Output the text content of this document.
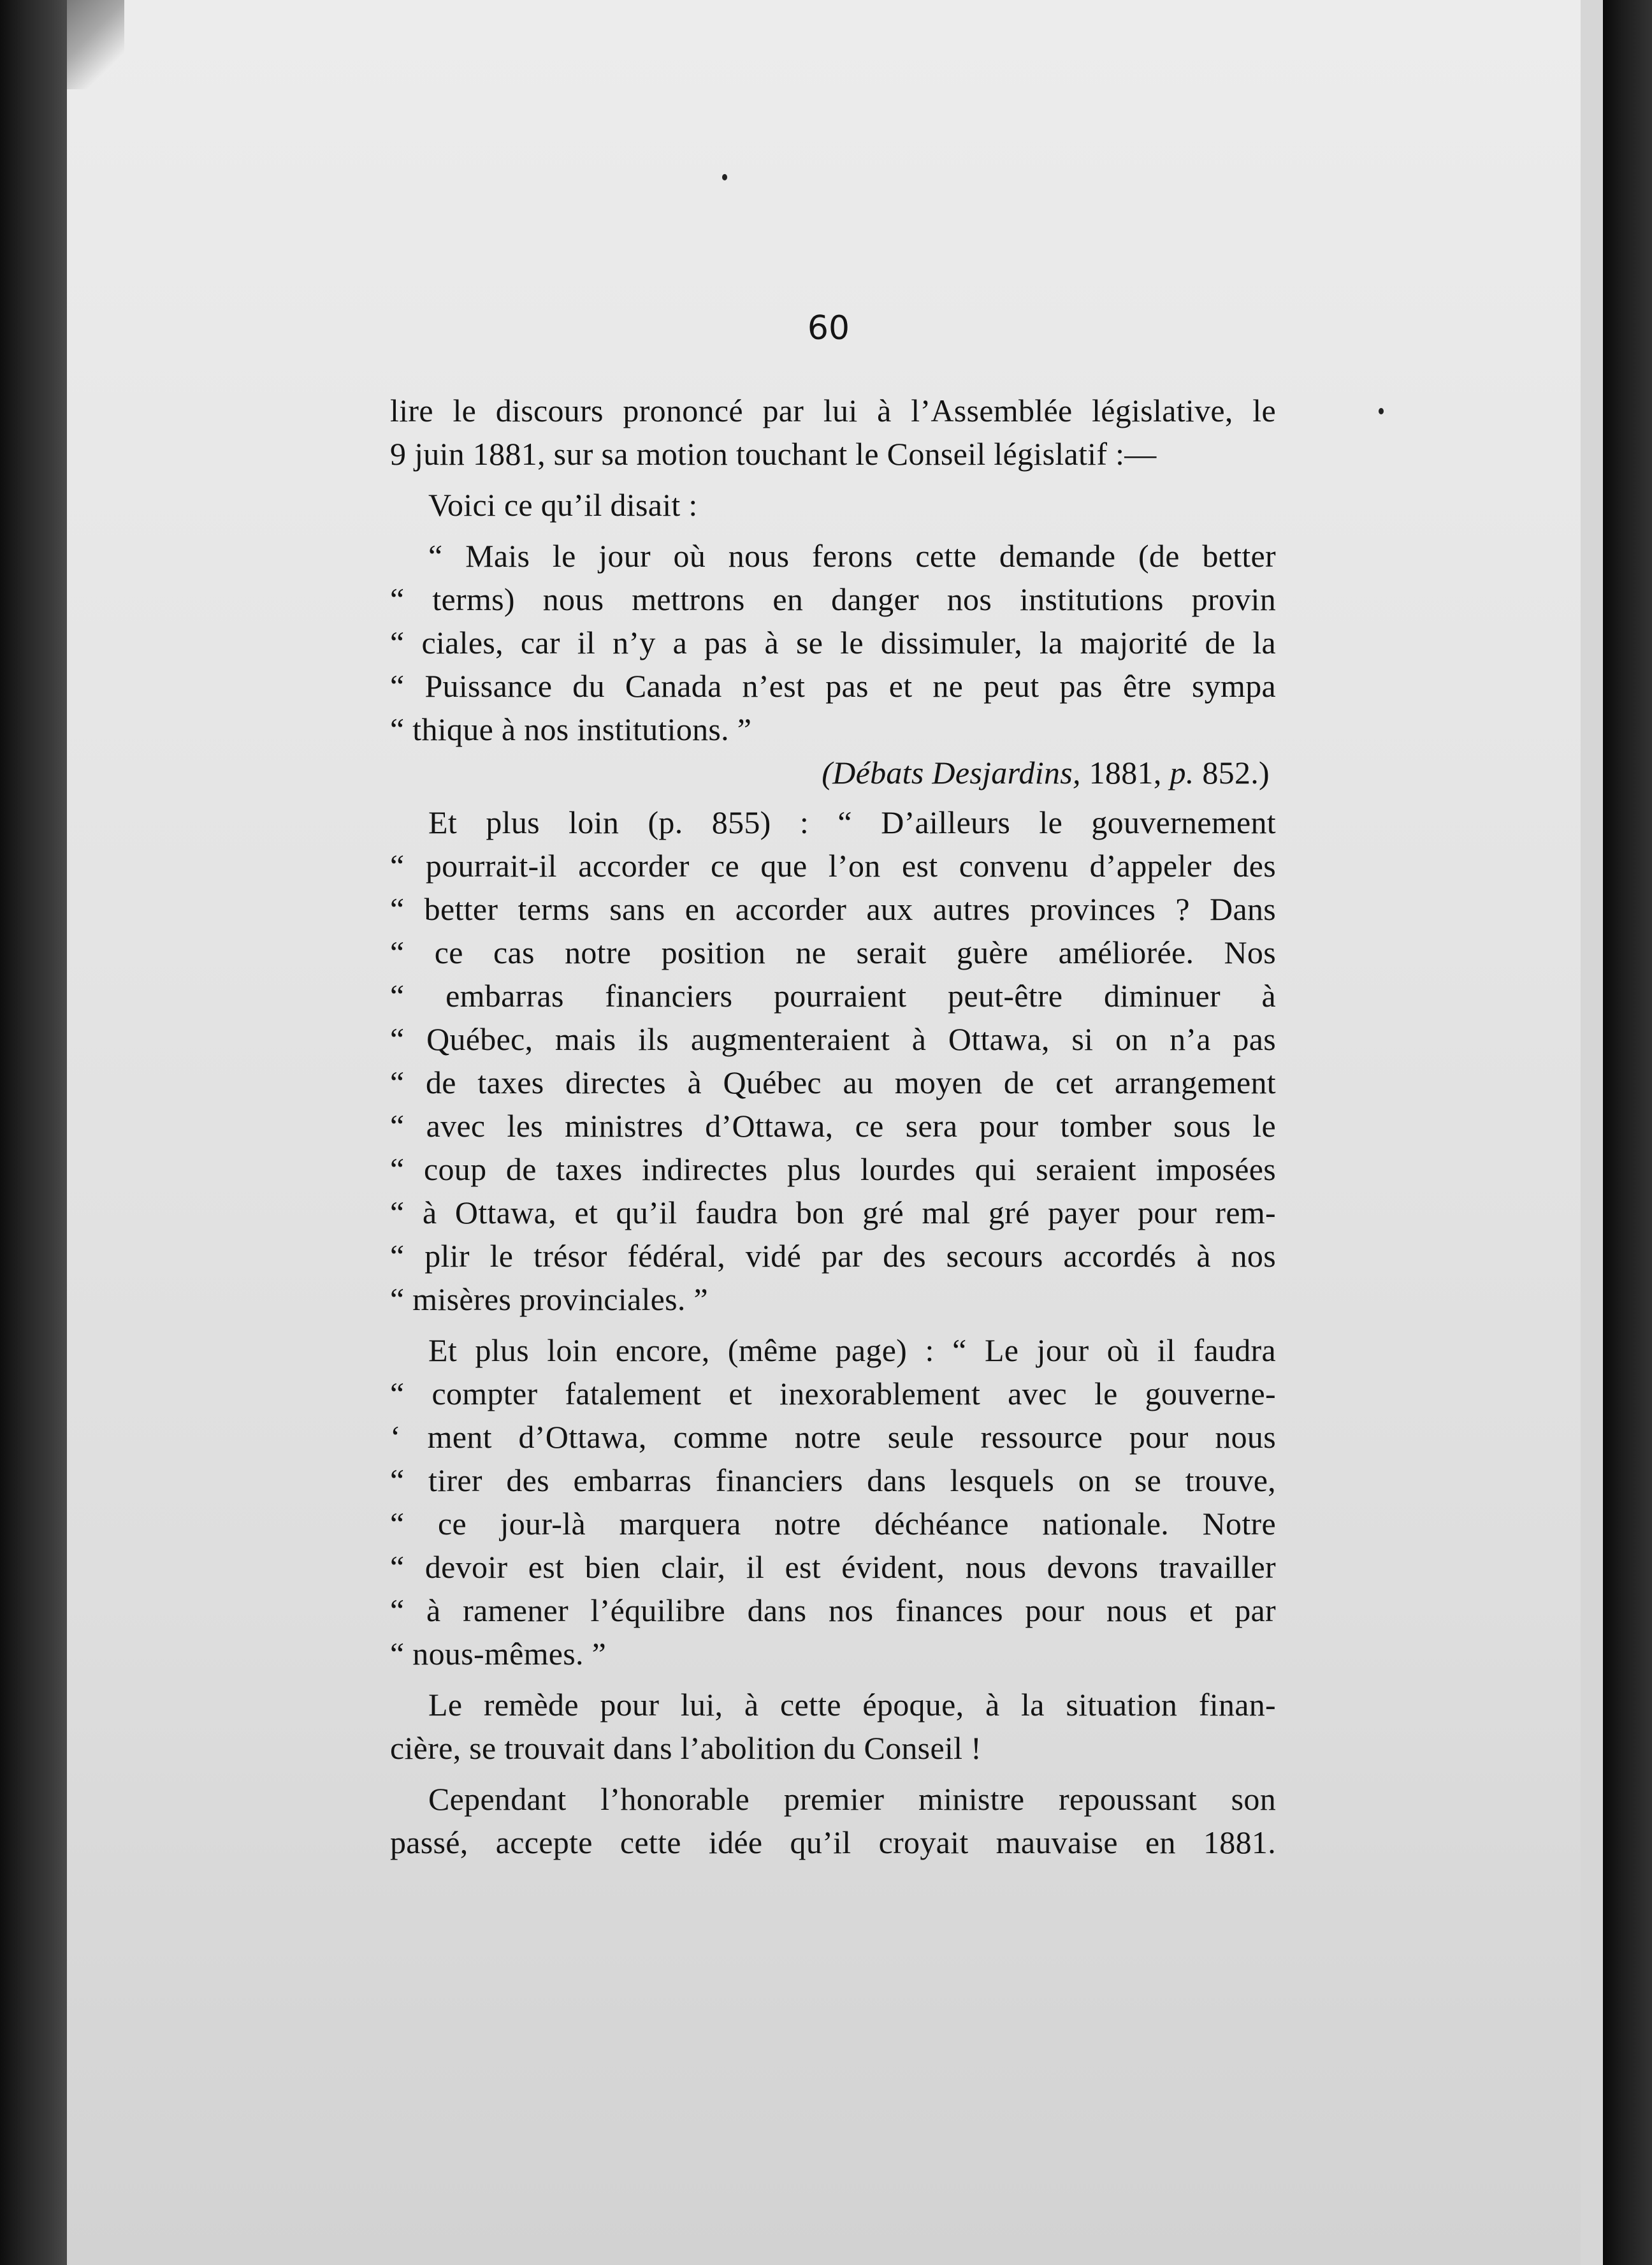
60

lire le discours prononcé par lui à l’Assemblée législative, le
9 juin 1881, sur sa motion touchant le Conseil législatif :—

Voici ce qu’il disait :

“ Mais le jour où nous ferons cette demande (de better
“ terms) nous mettrons en danger nos institutions provin
“ ciales, car il n’y a pas à se le dissimuler, la majorité de la
“ Puissance du Canada n’est pas et ne peut pas être sympa
“ thique à nos institutions. ”

(Débats Desjardins, 1881, p. 852.)

Et plus loin (p. 855) : “ D’ailleurs le gouvernement
“ pourrait-il accorder ce que l’on est convenu d’appeler des
“ better terms sans en accorder aux autres provinces ? Dans
“ ce cas notre position ne serait guère améliorée. Nos
“ embarras financiers pourraient peut-être diminuer à
“ Québec, mais ils augmenteraient à Ottawa, si on n’a pas
“ de taxes directes à Québec au moyen de cet arrangement
“ avec les ministres d’Ottawa, ce sera pour tomber sous le
“ coup de taxes indirectes plus lourdes qui seraient imposées
“ à Ottawa, et qu’il faudra bon gré mal gré payer pour rem-
“ plir le trésor fédéral, vidé par des secours accordés à nos
“ misères provinciales. ”

Et plus loin encore, (même page) : “ Le jour où il faudra
“ compter fatalement et inexorablement avec le gouverne-
‘ ment d’Ottawa, comme notre seule ressource pour nous
“ tirer des embarras financiers dans lesquels on se trouve,
“ ce jour-là marquera notre déchéance nationale. Notre
“ devoir est bien clair, il est évident, nous devons travailler
“ à ramener l’équilibre dans nos finances pour nous et par
“ nous-mêmes. ”

Le remède pour lui, à cette époque, à la situation finan-
cière, se trouvait dans l’abolition du Conseil !

Cependant l’honorable premier ministre repoussant son
passé, accepte cette idée qu’il croyait mauvaise en 1881.
